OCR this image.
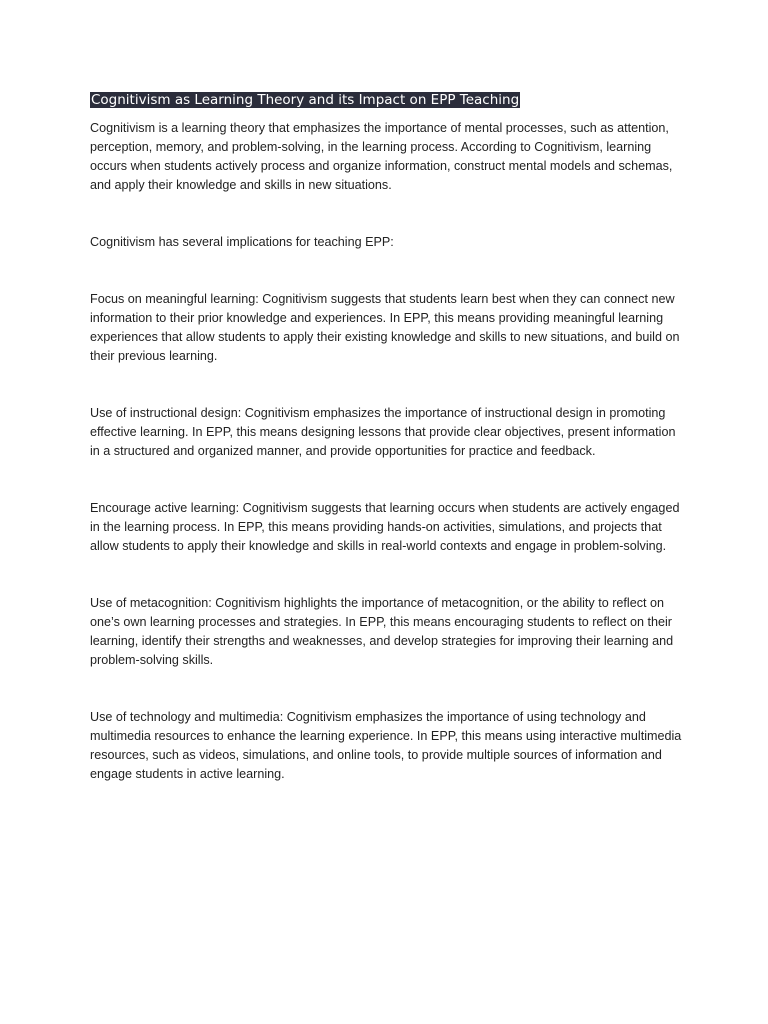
Cognitivism as Learning Theory and its Impact on EPP Teaching

Cognitivism is a learning theory that emphasizes the importance of mental processes, such as attention, perception, memory, and problem-solving, in the learning process. According to Cognitivism, learning occurs when students actively process and organize information, construct mental models and schemas, and apply their knowledge and skills in new situations.

Cognitivism has several implications for teaching EPP:

Focus on meaningful learning: Cognitivism suggests that students learn best when they can connect new information to their prior knowledge and experiences. In EPP, this means providing meaningful learning experiences that allow students to apply their existing knowledge and skills to new situations, and build on their previous learning.

Use of instructional design: Cognitivism emphasizes the importance of instructional design in promoting effective learning. In EPP, this means designing lessons that provide clear objectives, present information in a structured and organized manner, and provide opportunities for practice and feedback.

Encourage active learning: Cognitivism suggests that learning occurs when students are actively engaged in the learning process. In EPP, this means providing hands-on activities, simulations, and projects that allow students to apply their knowledge and skills in real-world contexts and engage in problem-solving.

Use of metacognition: Cognitivism highlights the importance of metacognition, or the ability to reflect on one’s own learning processes and strategies. In EPP, this means encouraging students to reflect on their learning, identify their strengths and weaknesses, and develop strategies for improving their learning and problem-solving skills.

Use of technology and multimedia: Cognitivism emphasizes the importance of using technology and multimedia resources to enhance the learning experience. In EPP, this means using interactive multimedia resources, such as videos, simulations, and online tools, to provide multiple sources of information and engage students in active learning.
